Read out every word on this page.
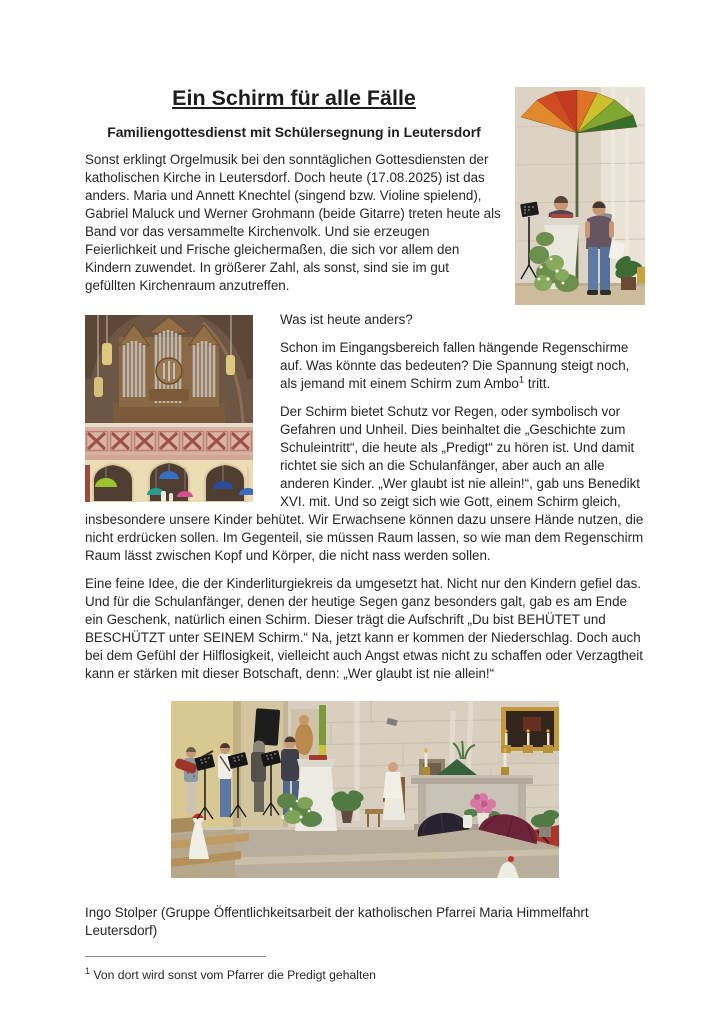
Ein Schirm für alle Fälle
Familiengottesdienst mit Schülersegnung in Leutersdorf

Sonst erklingt Orgelmusik bei den sonntäglichen Gottesdiensten der katholischen Kirche in Leutersdorf. Doch heute (17.08.2025) ist das anders. Maria und Annett Knechtel (singend bzw. Violine spielend), Gabriel Maluck und Werner Grohmann (beide Gitarre) treten heute als Band vor das versammelte Kirchenvolk. Und sie erzeugen Feierlichkeit und Frische gleichermaßen, die sich vor allem den Kindern zuwendet. In größerer Zahl, als sonst, sind sie im gut gefüllten Kirchenraum anzutreffen.

Was ist heute anders?

Schon im Eingangsbereich fallen hängende Regenschirme auf. Was könnte das bedeuten? Die Spannung steigt noch, als jemand mit einem Schirm zum Ambo$^1$ tritt.

Der Schirm bietet Schutz vor Regen, oder symbolisch vor Gefahren und Unheil. Dies beinhaltet die „Geschichte zum Schuleintritt“, die heute als „Predigt“ zu hören ist. Und damit richtet sie sich an die Schulanfänger, aber auch an alle anderen Kinder. „Wer glaubt ist nie allein!“, gab uns Benedikt XVI. mit. Und so zeigt sich wie Gott, einem Schirm gleich, insbesondere unsere Kinder behütet. Wir Erwachsene können dazu unsere Hände nutzen, die nicht erdrücken sollen. Im Gegenteil, sie müssen Raum lassen, so wie man dem Regenschirm Raum lässt zwischen Kopf und Körper, die nicht nass werden sollen.

Eine feine Idee, die der Kinderliturgiekreis da umgesetzt hat. Nicht nur den Kindern gefiel das. Und für die Schulanfänger, denen der heutige Segen ganz besonders galt, gab es am Ende ein Geschenk, natürlich einen Schirm. Dieser trägt die Aufschrift „Du bist BEHÜTET und BESCHÜTZT unter SEINEM Schirm.“ Na, jetzt kann er kommen der Niederschlag. Doch auch bei dem Gefühl der Hilflosigkeit, vielleicht auch Angst etwas nicht zu schaffen oder Verzagtheit kann er stärken mit dieser Botschaft, denn: „Wer glaubt ist nie allein!“

Ingo Stolper (Gruppe Öffentlichkeitsarbeit der katholischen Pfarrei Maria Himmelfahrt Leutersdorf)

$^1$ Von dort wird sonst vom Pfarrer die Predigt gehalten
